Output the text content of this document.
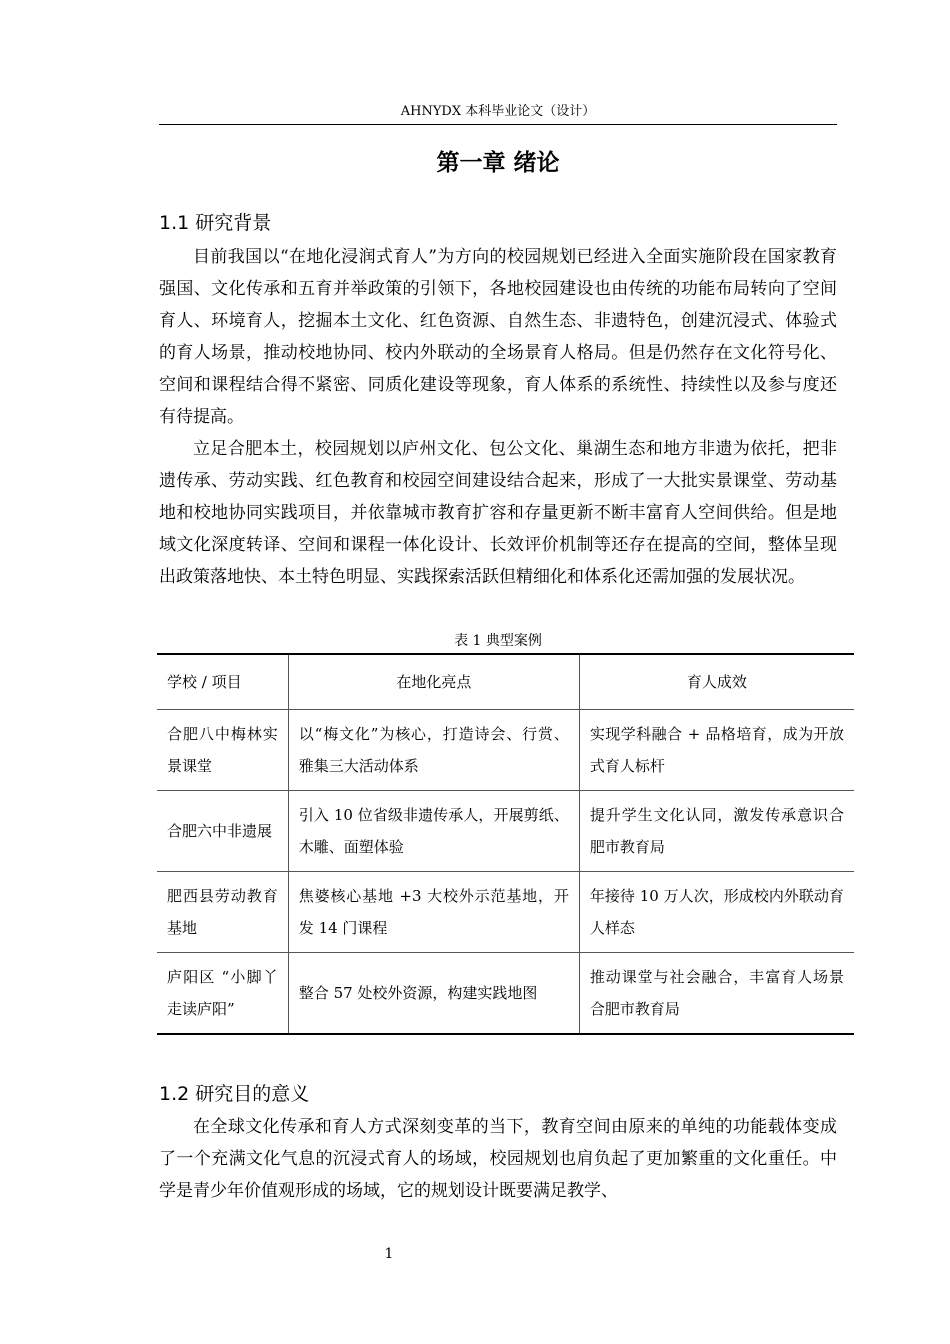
AHNYDX 本科毕业论文（设计）
第一章 绪论
1.1 研究背景

目前我国以“在地化浸润式育人”为方向的校园规划已经进入全面实施阶段在国家教育强国、文化传承和五育并举政策的引领下，各地校园建设也由传统的功能布局转向了空间育人、环境育人，挖掘本土文化、红色资源、自然生态、非遗特色，创建沉浸式、体验式的育人场景，推动校地协同、校内外联动的全场景育人格局。但是仍然存在文化符号化、空间和课程结合得不紧密、同质化建设等现象，育人体系的系统性、持续性以及参与度还有待提高。

立足合肥本土，校园规划以庐州文化、包公文化、巢湖生态和地方非遗为依托，把非遗传承、劳动实践、红色教育和校园空间建设结合起来，形成了一大批实景课堂、劳动基地和校地协同实践项目，并依靠城市教育扩容和存量更新不断丰富育人空间供给。但是地域文化深度转译、空间和课程一体化设计、长效评价机制等还存在提高的空间，整体呈现出政策落地快、本土特色明显、实践探索活跃但精细化和体系化还需加强的发展状况。

表 1 典型案例
学校 / 项目	在地化亮点	育人成效
合肥八中梅林实景课堂	以“梅文化”为核心，打造诗会、行赏、雅集三大活动体系	实现学科融合 + 品格培育，成为开放式育人标杆
合肥六中非遗展	引入 10 位省级非遗传承人，开展剪纸、木雕、面塑体验	提升学生文化认同，激发传承意识合肥市教育局
肥西县劳动教育基地	焦婆核心基地 +3 大校外示范基地，开发 14 门课程	年接待 10 万人次，形成校内外联动育人样态
庐阳区 “小脚丫走读庐阳”	整合 57 处校外资源，构建实践地图	推动课堂与社会融合，丰富育人场景合肥市教育局
1.2 研究目的意义

在全球文化传承和育人方式深刻变革的当下，教育空间由原来的单纯的功能载体变成了一个充满文化气息的沉浸式育人的场域，校园规划也肩负起了更加繁重的文化重任。中学是青少年价值观形成的场域，它的规划设计既要满足教学、

1
